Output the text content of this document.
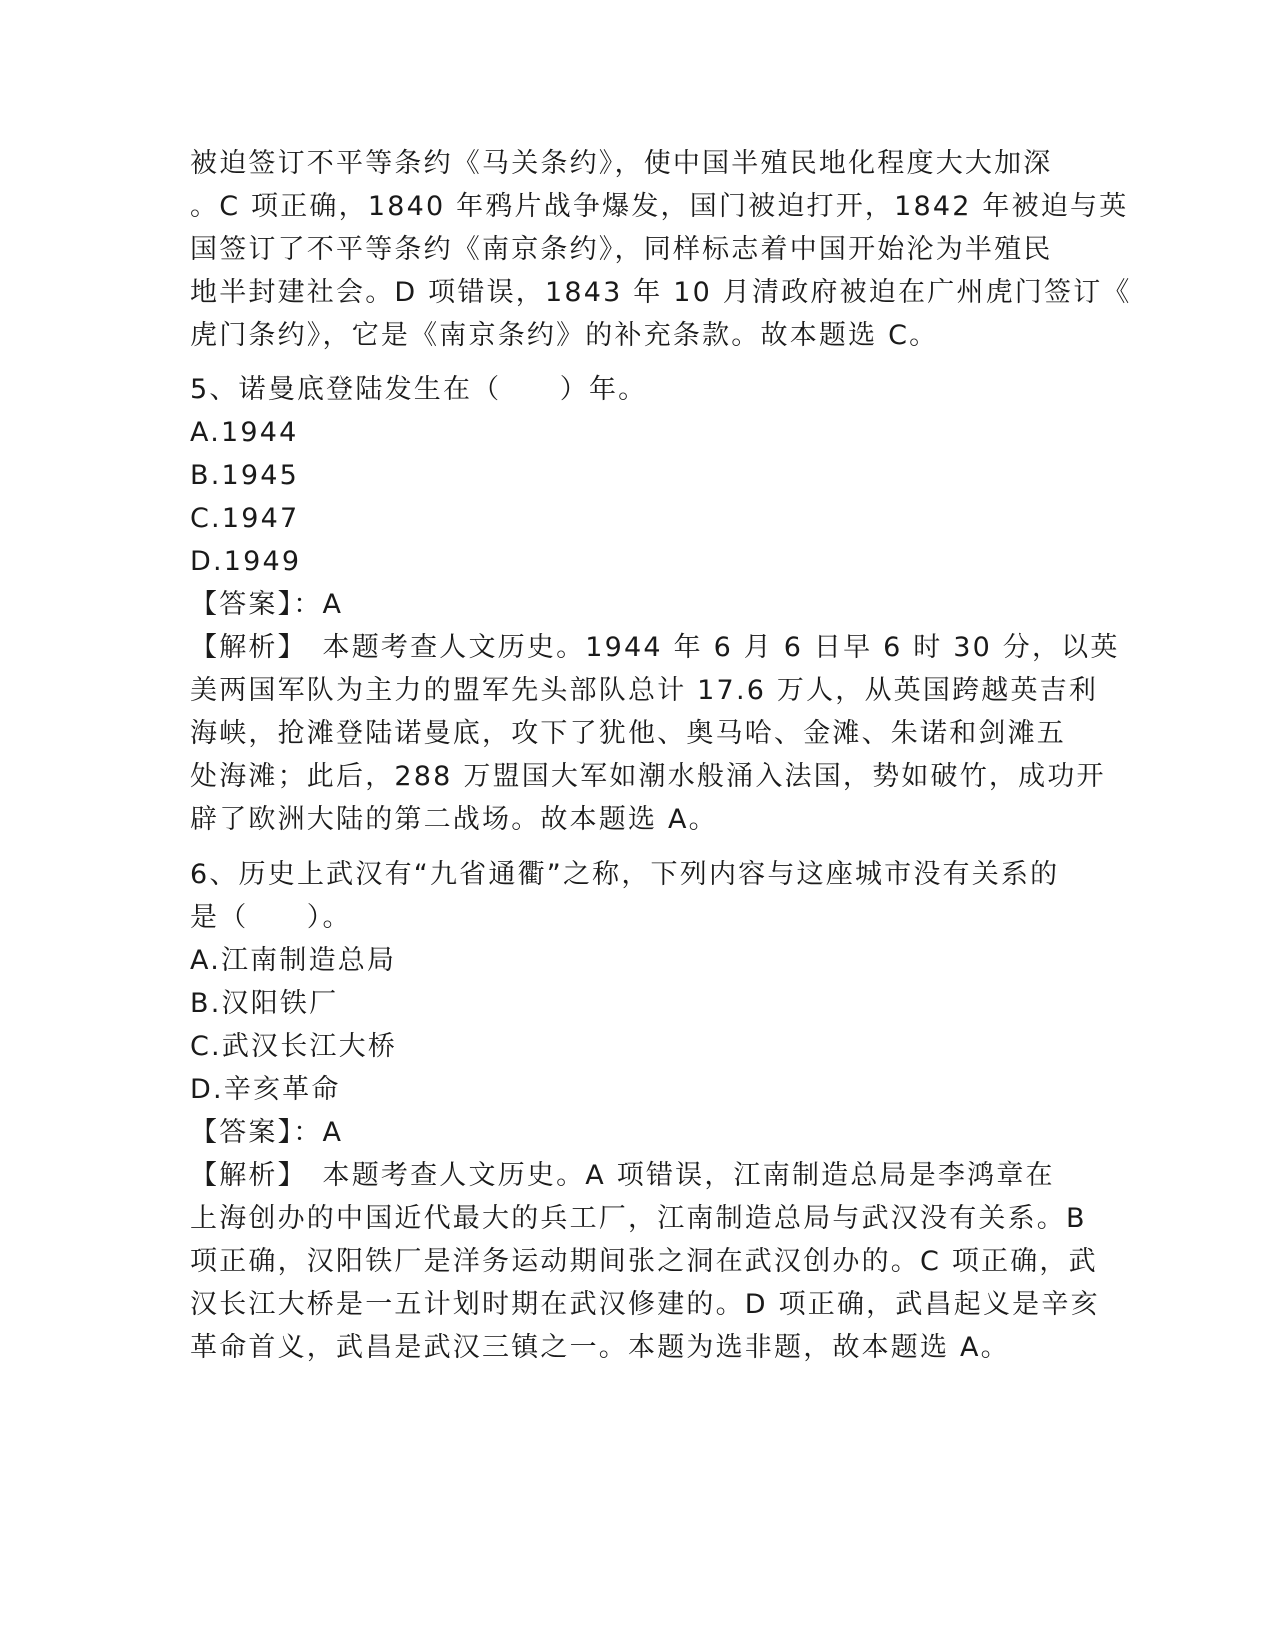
被迫签订不平等条约《马关条约》，使中国半殖民地化程度大大加深
。C 项正确，1840 年鸦片战争爆发，国门被迫打开，1842 年被迫与英
国签订了不平等条约《南京条约》，同样标志着中国开始沦为半殖民
地半封建社会。D 项错误，1843 年 10 月清政府被迫在广州虎门签订《
虎门条约》，它是《南京条约》的补充条款。故本题选 C。
5、诺曼底登陆发生在（　　）年。
A.1944
B.1945
C.1947
D.1949
【答案】：A
【解析】　本题考查人文历史。1944 年 6 月 6 日早 6 时 30 分，以英
美两国军队为主力的盟军先头部队总计 17.6 万人，从英国跨越英吉利
海峡，抢滩登陆诺曼底，攻下了犹他、奥马哈、金滩、朱诺和剑滩五
处海滩；此后，288 万盟国大军如潮水般涌入法国，势如破竹，成功开
辟了欧洲大陆的第二战场。故本题选 A。
6、历史上武汉有“九省通衢”之称，下列内容与这座城市没有关系的
是（　　）。
A.江南制造总局
B.汉阳铁厂
C.武汉长江大桥
D.辛亥革命
【答案】：A
【解析】　本题考查人文历史。A 项错误，江南制造总局是李鸿章在
上海创办的中国近代最大的兵工厂，江南制造总局与武汉没有关系。B
项正确，汉阳铁厂是洋务运动期间张之洞在武汉创办的。C 项正确，武
汉长江大桥是一五计划时期在武汉修建的。D 项正确，武昌起义是辛亥
革命首义，武昌是武汉三镇之一。本题为选非题，故本题选 A。
